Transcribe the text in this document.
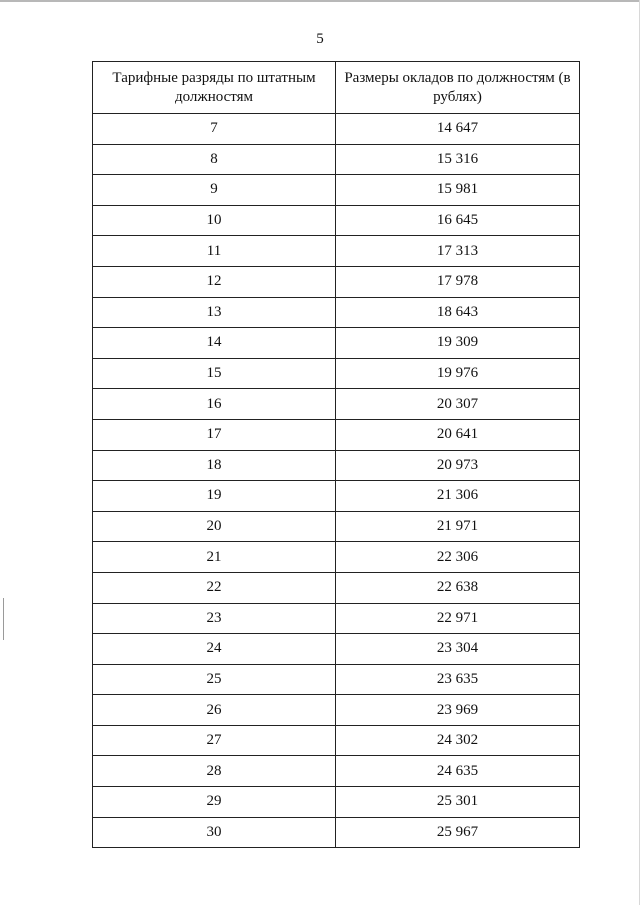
5
Тарифные разряды по штатным должностям	Размеры окладов по должностям (в рублях)
7	14 647
8	15 316
9	15 981
10	16 645
11	17 313
12	17 978
13	18 643
14	19 309
15	19 976
16	20 307
17	20 641
18	20 973
19	21 306
20	21 971
21	22 306
22	22 638
23	22 971
24	23 304
25	23 635
26	23 969
27	24 302
28	24 635
29	25 301
30	25 967
